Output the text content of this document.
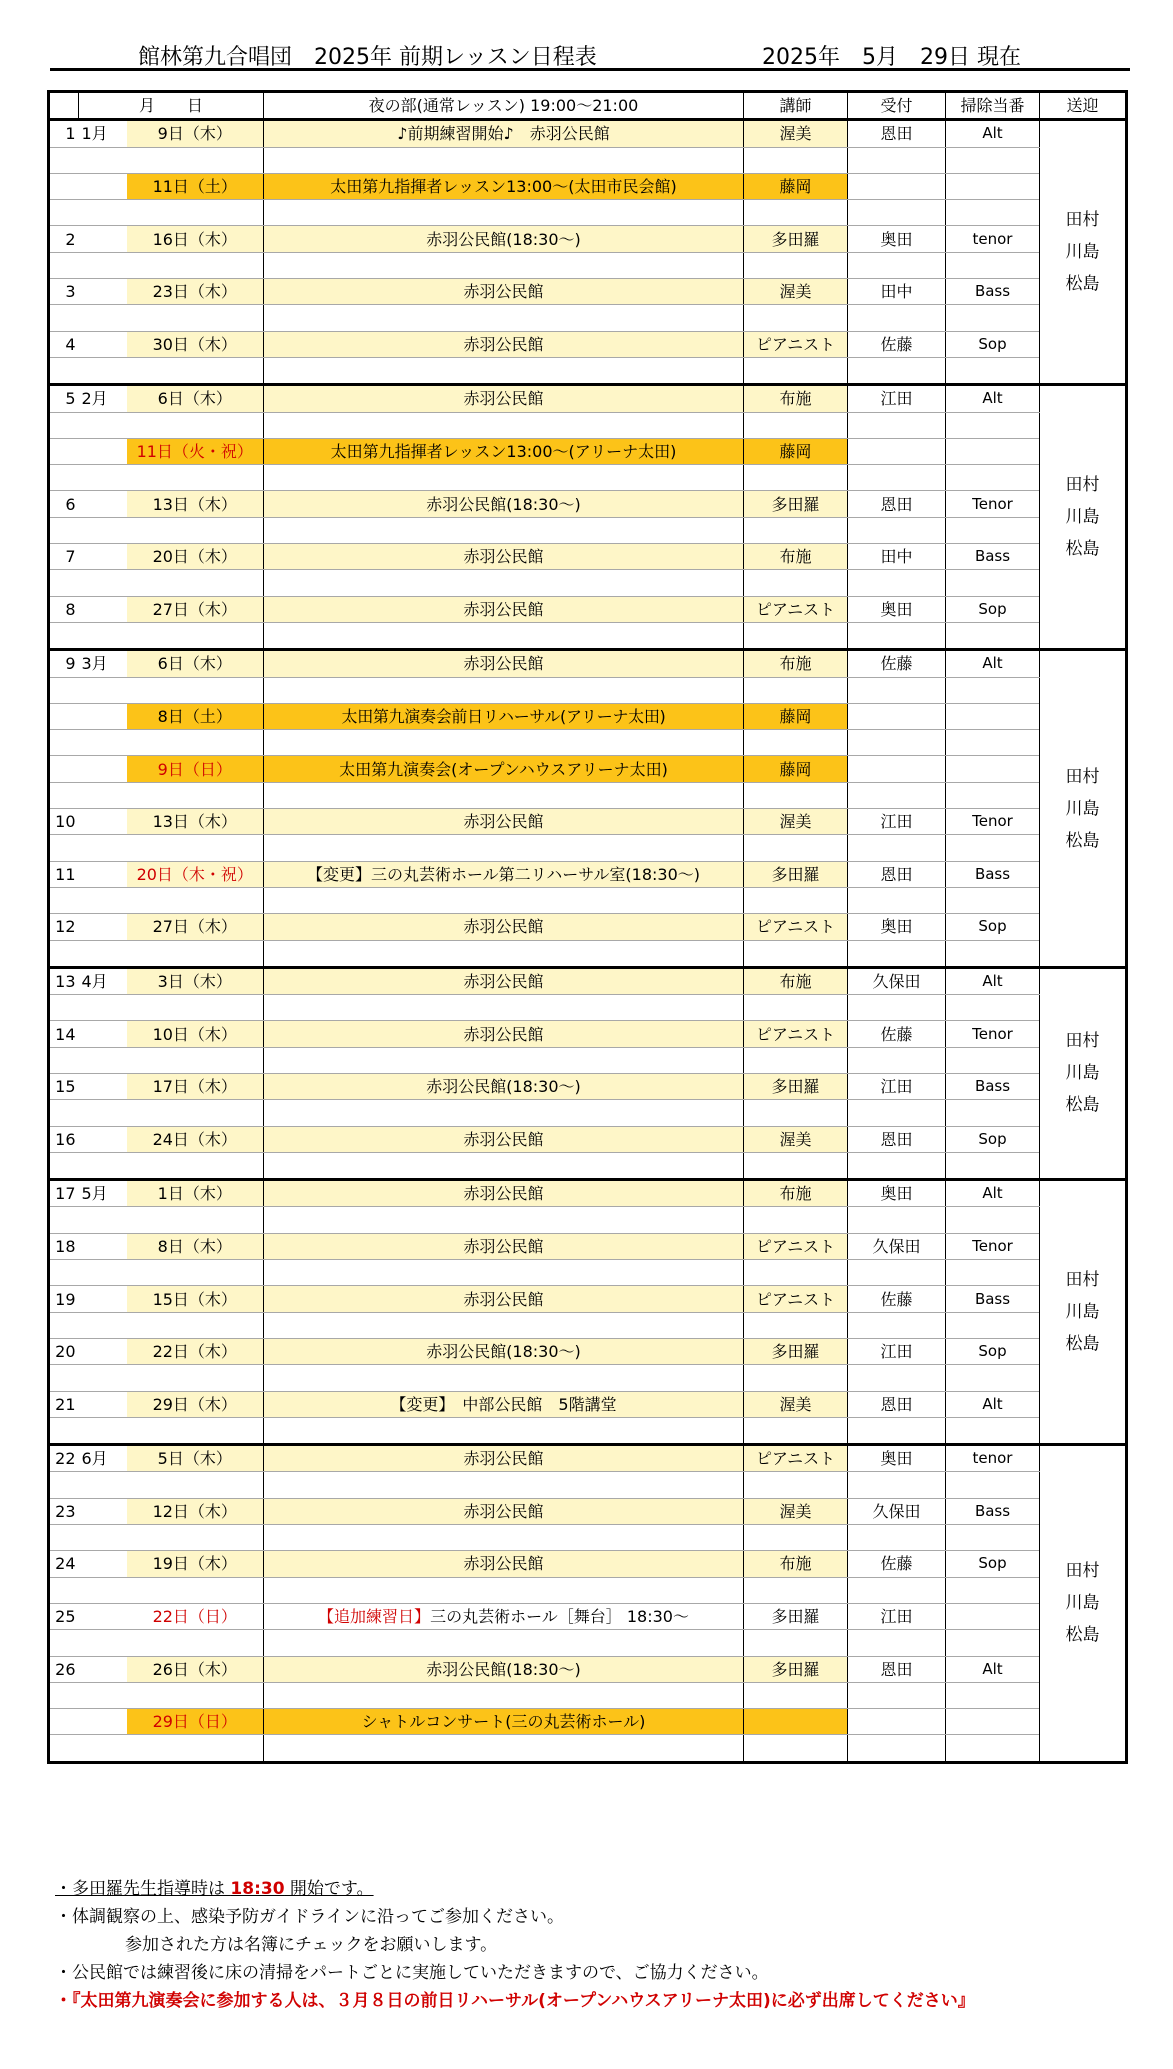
館林第九合唱団　2025年 前期レッスン日程表	2025年　5月　29日 現在
	月　　日		夜の部(通常レッスン) 19:00～21:00	講師	受付	掃除当番	送迎
1	1月	9日（木）	♪前期練習開始♪　赤羽公民館	渥美	恩田	Alt	田村
川島
松島

		11日（土）	太田第九指揮者レッスン13:00～(太田市民会館)	藤岡			

2		16日（木）	赤羽公民館(18:30～)	多田羅	奥田	tenor	

3		23日（木）	赤羽公民館	渥美	田中	Bass	

4		30日（木）	赤羽公民館	ピアニスト	佐藤	Sop	

5	2月	6日（木）	赤羽公民館	布施	江田	Alt	田村
川島
松島

		11日（火・祝）	太田第九指揮者レッスン13:00～(アリーナ太田)	藤岡			

6		13日（木）	赤羽公民館(18:30～)	多田羅	恩田	Tenor	

7		20日（木）	赤羽公民館	布施	田中	Bass	

8		27日（木）	赤羽公民館	ピアニスト	奥田	Sop	

9	3月	6日（木）	赤羽公民館	布施	佐藤	Alt	田村
川島
松島

		8日（土）	太田第九演奏会前日リハーサル(アリーナ太田)	藤岡			

		9日（日）	太田第九演奏会(オープンハウスアリーナ太田)	藤岡			

10		13日（木）	赤羽公民館	渥美	江田	Tenor	

11		20日（木・祝）	【変更】三の丸芸術ホール第二リハーサル室(18:30～)	多田羅	恩田	Bass	

12		27日（木）	赤羽公民館	ピアニスト	奥田	Sop	

13	4月	3日（木）	赤羽公民館	布施	久保田	Alt	田村
川島
松島

14		10日（木）	赤羽公民館	ピアニスト	佐藤	Tenor	

15		17日（木）	赤羽公民館(18:30～)	多田羅	江田	Bass	

16		24日（木）	赤羽公民館	渥美	恩田	Sop	

17	5月	1日（木）	赤羽公民館	布施	奥田	Alt	田村
川島
松島

18		8日（木）	赤羽公民館	ピアニスト	久保田	Tenor	

19		15日（木）	赤羽公民館	ピアニスト	佐藤	Bass	

20		22日（木）	赤羽公民館(18:30～)	多田羅	江田	Sop	

21		29日（木）	【変更】　中部公民館　5階講堂	渥美	恩田	Alt	

22	6月	5日（木）	赤羽公民館	ピアニスト	奥田	tenor	田村
川島
松島

23		12日（木）	赤羽公民館	渥美	久保田	Bass	

24		19日（木）	赤羽公民館	布施	佐藤	Sop	

25		22日（日）	【追加練習日】三の丸芸術ホール［舞台］ 18:30～	多田羅	江田		

26		26日（木）	赤羽公民館(18:30～)	多田羅	恩田	Alt	

		29日（日）	シャトルコンサート(三の丸芸術ホール)				

・多田羅先生指導時は 18:30 開始です。
・体調観察の上、感染予防ガイドラインに沿ってご参加ください。
参加された方は名簿にチェックをお願いします。
・公民館では練習後に床の清掃をパートごとに実施していただきますので、ご協力ください。
・『太田第九演奏会に参加する人は、３月８日の前日リハーサル(オープンハウスアリーナ太田)に必ず出席してください』
